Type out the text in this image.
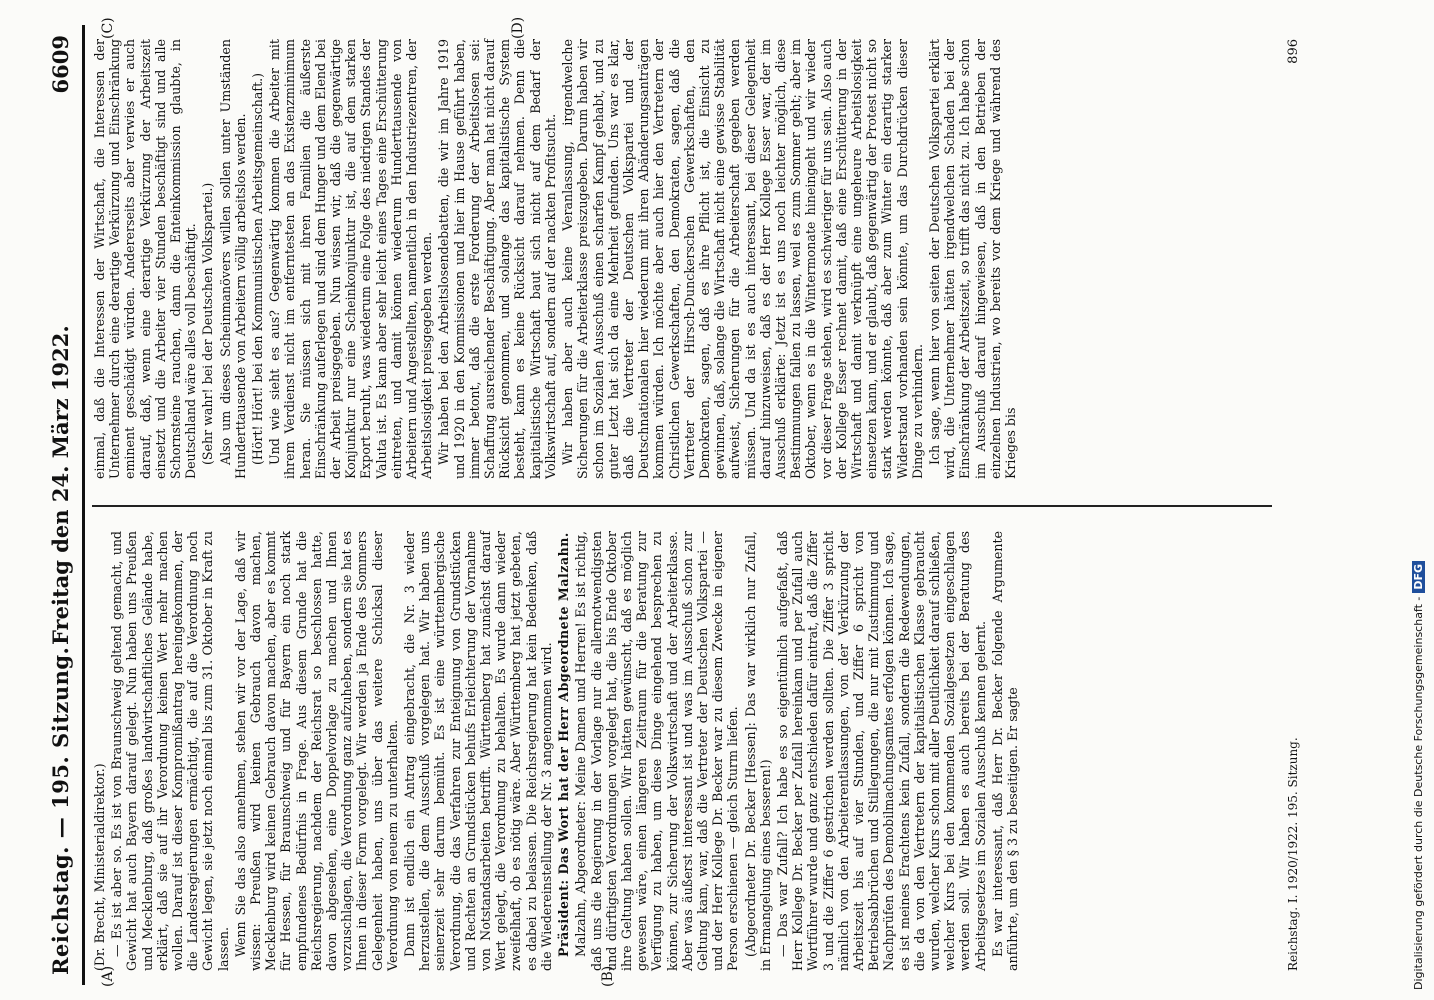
Reichstag. — 195. Sitzung.
Freitag den 24. März 1922.
6609
(A)	(B)
(C)	(D)

(Dr. Brecht, Ministerialdirektor.) — Es ist aber so. Es ist von Braunschweig geltend gemacht, und Gewicht hat auch Bayern darauf gelegt. Nun haben uns Preußen und Mecklenburg, daß großes landwirtschaftliches Gelände habe, erklärt, daß sie auf ihr Verordnung keinen Wert mehr machen wollen. Darauf ist dieser Kompromißantrag hereingekommen, der die Landesregierungen ermächtigt, die auf die Verordnung noch Gewicht legen, sie jetzt noch einmal bis zum 31. Oktober in Kraft zu lassen. Wenn Sie das also annehmen, stehen wir vor der Lage, daß wir wissen: Preußen wird keinen Gebrauch davon machen, Mecklenburg wird keinen Gebrauch davon machen, aber es kommt für Hessen, für Braunschweig und für Bayern ein noch stark empfundenes Bedürfnis in Frage. Aus diesem Grunde hat die Reichsregierung, nachdem der Reichsrat so beschlossen hatte, davon abgesehen, eine Doppelvorlage zu machen und Ihnen vorzuschlagen, die Verordnung ganz aufzuheben, sondern sie hat es Ihnen in dieser Form vorgelegt. Wir werden ja Ende des Sommers Gelegenheit haben, uns über das weitere Schicksal dieser Verordnung von neuem zu unterhalten. Dann ist endlich ein Antrag eingebracht, die Nr. 3 wieder herzustellen, die dem Ausschuß vorgelegen hat. Wir haben uns seinerzeit sehr darum bemüht. Es ist eine württembergische Verordnung, die das Verfahren zur Enteignung von Grundstücken und Rechten an Grundstücken behufs Erleichterung der Vornahme von Notstandsarbeiten betrifft. Württemberg hat zunächst darauf Wert gelegt, die Verordnung zu behalten. Es wurde dann wieder zweifelhaft, ob es nötig wäre. Aber Württemberg hat jetzt gebeten, es dabei zu belassen. Die Reichsregierung hat kein Bedenken, daß die Wiedereinstellung der Nr. 3 angenommen wird. Präsident: Das Wort hat der Herr Abgeordnete Malzahn. Malzahn, Abgeordneter: Meine Damen und Herren! Es ist richtig, daß uns die Regierung in der Vorlage nur die allernotwendigsten und dürftigsten Verordnungen vorgelegt hat, die bis Ende Oktober ihre Geltung haben sollen. Wir hätten gewünscht, daß es möglich gewesen wäre, einen längeren Zeitraum für die Beratung zur Verfügung zu haben, um diese Dinge eingehend besprechen zu können, zur Sicherung der Volkswirtschaft und der Arbeiterklasse. Aber was äußerst interessant ist und was im Ausschuß schon zur Geltung kam, war, daß die Vertreter der Deutschen Volkspartei — und der Herr Kollege Dr. Becker war zu diesem Zwecke in eigener Person erschienen — gleich Sturm liefen. (Abgeordneter Dr. Becker [Hessen]: Das war wirklich nur Zufall, in Ermangelung eines besseren!) — Das war Zufall? Ich habe es so eigentümlich aufgefaßt, daß Herr Kollege Dr. Becker per Zufall hereinkam und per Zufall auch Wortführer wurde und ganz entschieden dafür eintrat, daß die Ziffer 3 und die Ziffer 6 gestrichen werden sollten. Die Ziffer 3 spricht nämlich von den Arbeiterentlassungen, von der Verkürzung der Arbeitszeit bis auf vier Stunden, und Ziffer 6 spricht von Betriebsabbrüchen und Stillegungen, die nur mit Zustimmung und Nachprüfen des Demobilmachungsamtes erfolgen können. Ich sage, es ist meines Erachtens kein Zufall, sondern die Redewendungen, die da von den Vertretern der kapitalistischen Klasse gebraucht wurden, welcher Kurs schon mit aller Deutlichkeit darauf schließen, welcher Kurs bei den kommenden Sozialgesetzen eingeschlagen werden soll. Wir haben es auch bereits bei der Beratung des Arbeitsgesetzes im Sozialen Ausschuß kennen gelernt. Es war interessant, daß Herr Dr. Becker folgende Argumente anführte, um den § 3 zu beseitigen. Er sagte

einmal, daß die Interessen der Wirtschaft, die Interessen der Unternehmer durch eine derartige Verkürzung und Einschränkung eminent geschädigt würden. Andererseits aber verwies er auch darauf, daß, wenn eine derartige Verkürzung der Arbeitszeit einsetzt und die Arbeiter vier Stunden beschäftigt sind und alle Schornsteine rauchen, dann die Enteinkommission glaubte, in Deutschland wäre alles voll beschäftigt. (Sehr wahr! bei der Deutschen Volkspartei.) Also um dieses Scheinmanövers willen sollen unter Umständen Hunderttausende von Arbeitern völlig arbeitslos werden. (Hört! Hört! bei den Kommunistischen Arbeitsgemeinschaft.) Und wie sieht es aus? Gegenwärtig kommen die Arbeiter mit ihrem Verdienst nicht im entferntesten an das Existenzminimum heran. Sie müssen sich mit ihren Familien die äußerste Einschränkung auferlegen und sind dem Hunger und dem Elend bei der Arbeit preisgegeben. Nun wissen wir, daß die gegenwärtige Konjunktur nur eine Scheinkonjunktur ist, die auf dem starken Export beruht, was wiederum eine Folge des niedrigen Standes der Valuta ist. Es kann aber sehr leicht eines Tages eine Erschütterung eintreten, und damit können wiederum Hunderttausende von Arbeitern und Angestellten, namentlich in den Industriezentren, der Arbeitslosigkeit preisgegeben werden. Wir haben bei den Arbeitslosendebatten, die wir im Jahre 1919 und 1920 in den Kommissionen und hier im Hause geführt haben, immer betont, daß die erste Forderung der Arbeitslosen sei: Schaffung ausreichender Beschäftigung. Aber man hat nicht darauf Rücksicht genommen, und solange das kapitalistische System besteht, kann es keine Rücksicht darauf nehmen. Denn die kapitalistische Wirtschaft baut sich nicht auf dem Bedarf der Volkswirtschaft auf, sondern auf der nackten Profitsucht. Wir haben aber auch keine Veranlassung, irgendwelche Sicherungen für die Arbeiterklasse preiszugeben. Darum haben wir schon im Sozialen Ausschuß einen scharfen Kampf gehabt, und zu guter Letzt hat sich da eine Mehrheit gefunden. Uns war es klar, daß die Vertreter der Deutschen Volkspartei und der Deutschnationalen hier wiederum mit ihren Abänderungsanträgen kommen würden. Ich möchte aber auch hier den Vertretern der Christlichen Gewerkschaften, den Demokraten, sagen, daß die Vertreter der Hirsch-Dunckerschen Gewerkschaften, den Demokraten, sagen, daß es ihre Pflicht ist, die Einsicht zu gewinnen, daß, solange die Wirtschaft nicht eine gewisse Stabilität aufweist, Sicherungen für die Arbeiterschaft gegeben werden müssen. Und da ist es auch interessant, bei dieser Gelegenheit darauf hinzuweisen, daß es der Herr Kollege Esser war, der im Ausschuß erklärte: Jetzt ist es uns noch leichter möglich, diese Bestimmungen fallen zu lassen, weil es zum Sommer geht; aber im Oktober, wenn es in die Wintermonate hineingeht und wir wieder vor dieser Frage stehen, wird es schwieriger für uns sein. Also auch der Kollege Esser rechnet damit, daß eine Erschütterung in der Wirtschaft und damit verknüpft eine ungeheure Arbeitslosigkeit einsetzen kann, und er glaubt, daß gegenwärtig der Protest nicht so stark werden könnte, daß aber zum Winter ein derartig starker Widerstand vorhanden sein könnte, um das Durchdrücken dieser Dinge zu verhindern. Ich sage, wenn hier von seiten der Deutschen Volkspartei erklärt wird, die Unternehmer hätten irgendwelchen Schaden bei der Einschränkung der Arbeitszeit, so trifft das nicht zu. Ich habe schon im Ausschuß darauf hingewiesen, daß in den Betrieben der einzelnen Industrien, wo bereits vor dem Kriege und während des Krieges bis

Reichstag. I. 1920/1922. 195. Sitzung.
896
Digitalisierung gefördert durch die Deutsche Forschungsgemeinschaft -DFG
